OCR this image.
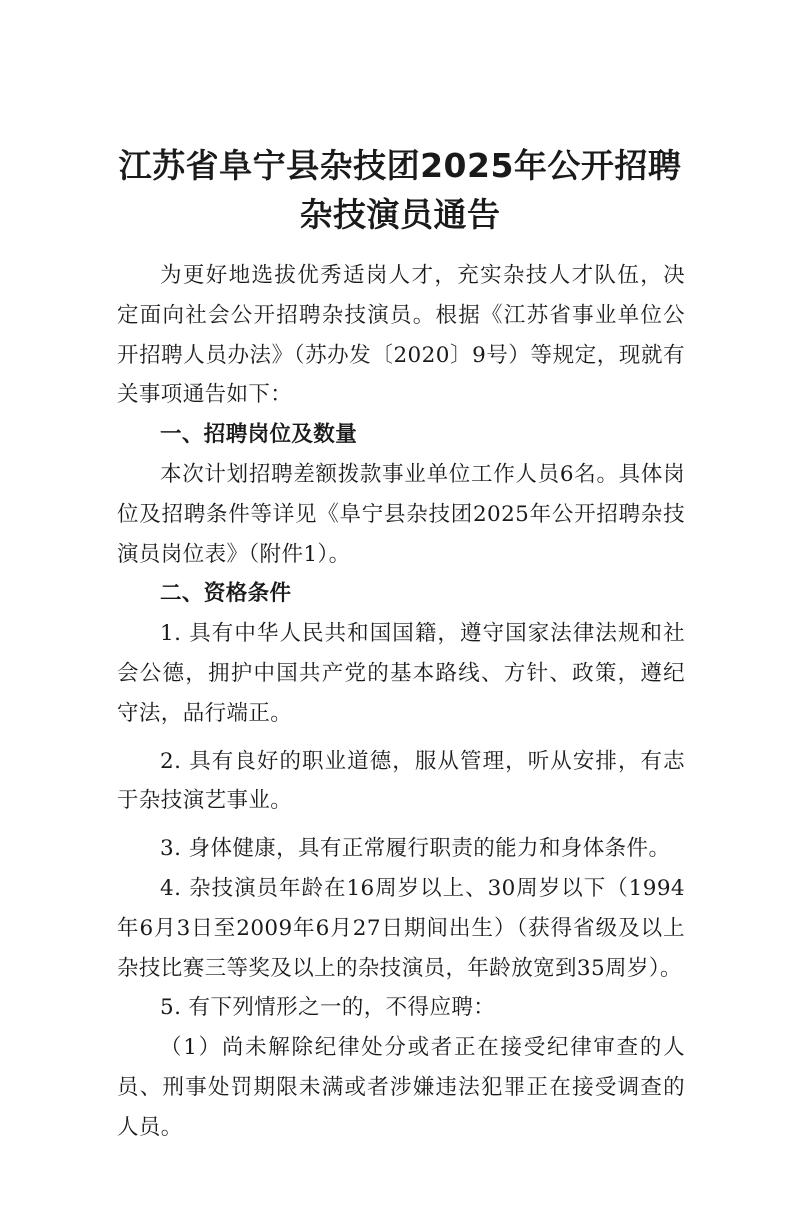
江苏省阜宁县杂技团2025年公开招聘
杂技演员通告

为更好地选拔优秀适岗人才，充实杂技人才队伍，决定面向社会公开招聘杂技演员。根据《江苏省事业单位公开招聘人员办法》（苏办发〔2020〕9号）等规定，现就有关事项通告如下：

一、招聘岗位及数量

本次计划招聘差额拨款事业单位工作人员6名。具体岗位及招聘条件等详见《阜宁县杂技团2025年公开招聘杂技演员岗位表》（附件1）。

二、资格条件

1. 具有中华人民共和国国籍，遵守国家法律法规和社会公德，拥护中国共产党的基本路线、方针、政策，遵纪守法，品行端正。

2. 具有良好的职业道德，服从管理，听从安排，有志于杂技演艺事业。

3. 身体健康，具有正常履行职责的能力和身体条件。

4. 杂技演员年龄在16周岁以上、30周岁以下（1994年6月3日至2009年6月27日期间出生）（获得省级及以上杂技比赛三等奖及以上的杂技演员，年龄放宽到35周岁）。

5. 有下列情形之一的，不得应聘：

（1）尚未解除纪律处分或者正在接受纪律审查的人员、刑事处罚期限未满或者涉嫌违法犯罪正在接受调查的人员。
